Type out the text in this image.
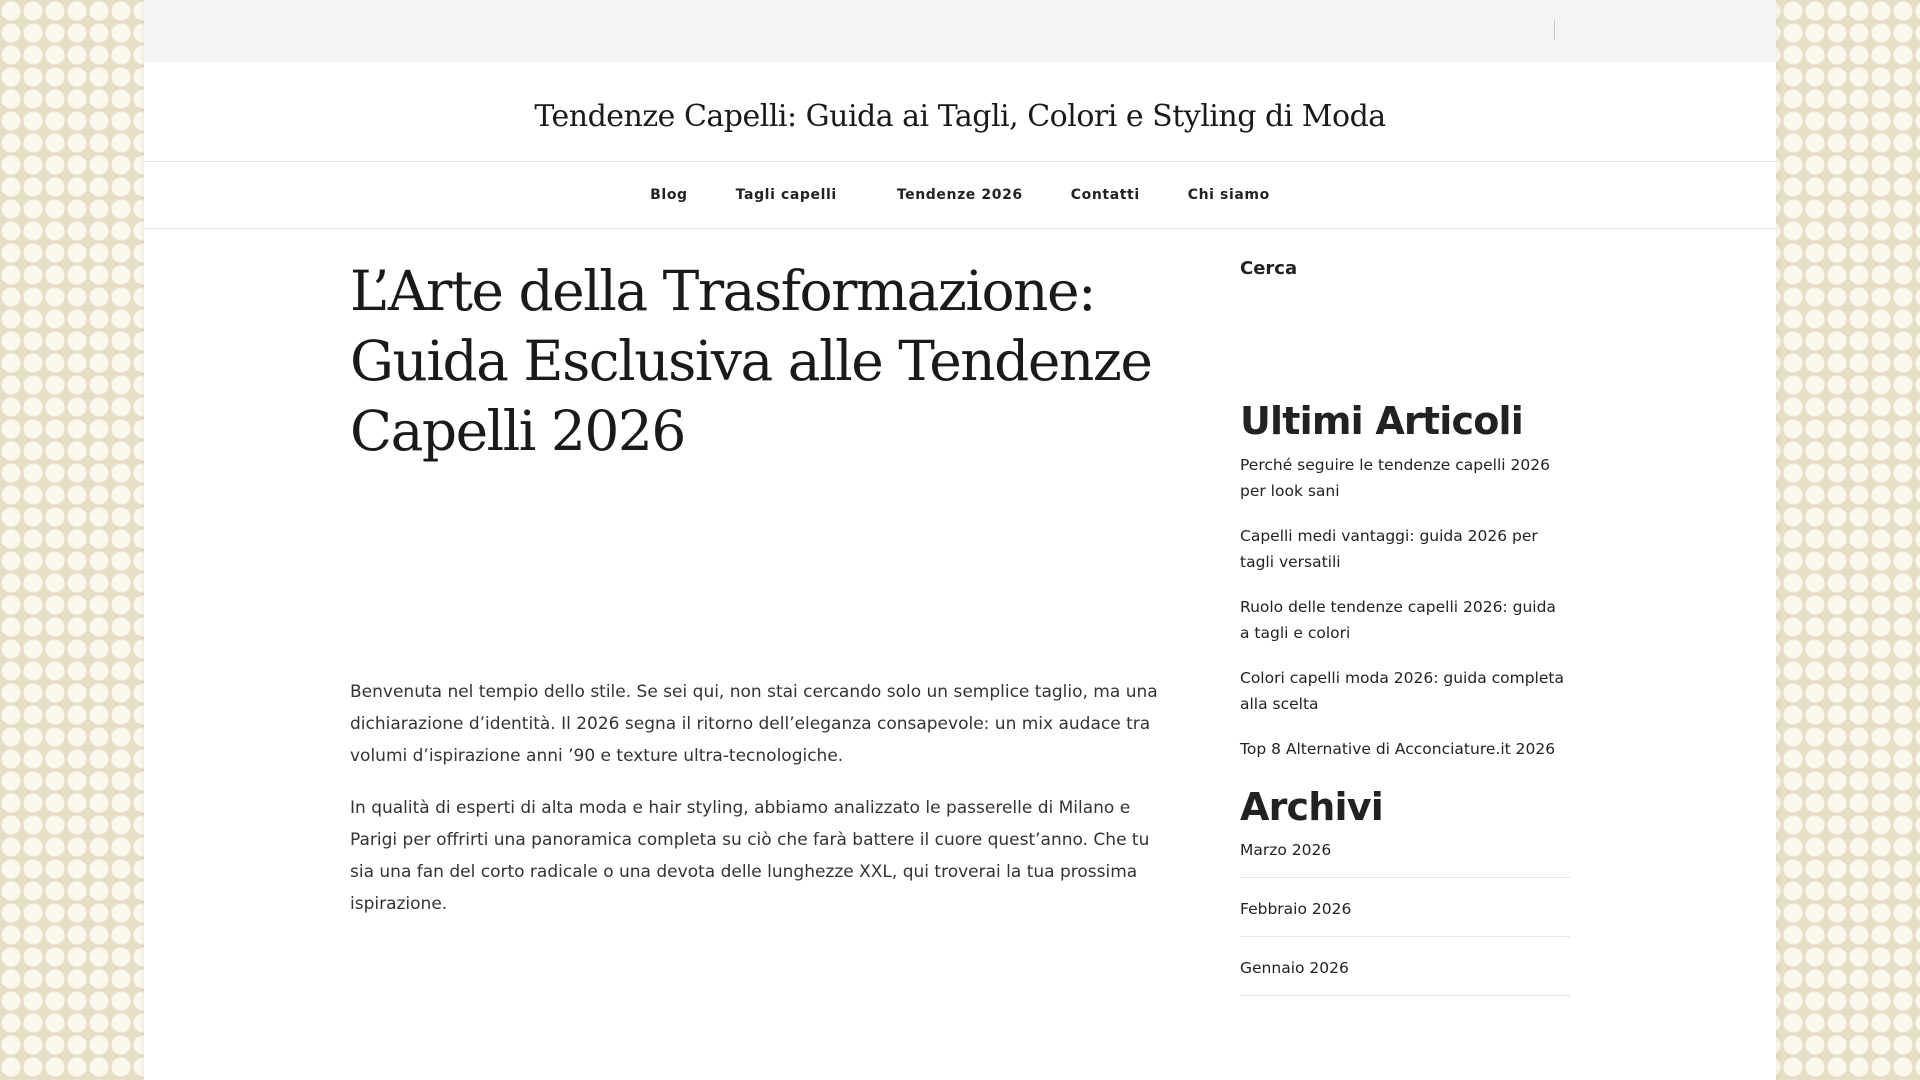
Tendenze Capelli: Guida ai Tagli, Colori e Styling di Moda
Blog	Tagli capelli	Tendenze 2026	Contatti	Chi siamo
L’Arte della Trasformazione: Guida Esclusiva alle Tendenze Capelli 2026

Benvenuta nel tempio dello stile. Se sei qui, non stai cercando solo un semplice taglio, ma una dichiarazione d’identità. Il 2026 segna il ritorno dell’eleganza consapevole: un mix audace tra volumi d’ispirazione anni ’90 e texture ultra-tecnologiche.

In qualità di esperti di alta moda e hair styling, abbiamo analizzato le passerelle di Milano e Parigi per offrirti una panoramica completa su ciò che farà battere il cuore quest’anno. Che tu sia una fan del corto radicale o una devota delle lunghezze XXL, qui troverai la tua prossima ispirazione.

Cerca
Ultimi Articoli
Perché seguire le tendenze capelli 2026 per look sani
Capelli medi vantaggi: guida 2026 per tagli versatili
Ruolo delle tendenze capelli 2026: guida a tagli e colori
Colori capelli moda 2026: guida completa alla scelta
Top 8 Alternative di Acconciature.it 2026
Archivi
Marzo 2026
Febbraio 2026
Gennaio 2026
